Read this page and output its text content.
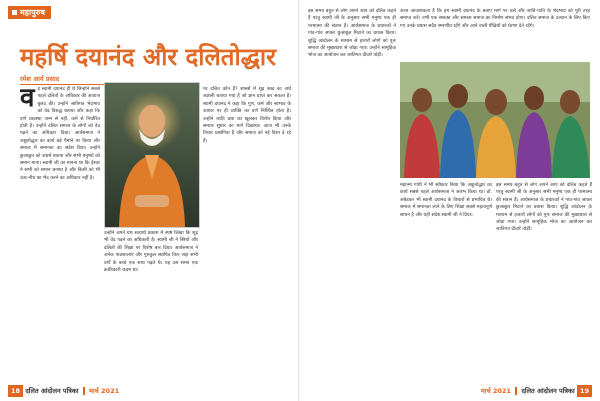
महापुरुष
महर्षि दयानंद और दलितोद्धार
रमेश आर्य प्रसाद

वह स्वामी दयानंद ही थे जिन्होंने सबसे पहले दलितों के अधिकार की आवाज बुलंद की। उन्होंने जातिगत भेदभाव को वेद विरुद्ध बताया और कहा कि वर्ण व्यवस्था जन्म से नहीं, कर्म से निर्धारित होती है। उन्होंने दलित समाज के लोगों को वेद पढ़ने का अधिकार दिया। आर्यसमाज ने अछूतोद्धार का कार्य बड़े पैमाने पर किया और समाज में समानता का संदेश दिया। उन्होंने छुआछूत को अधर्म बताया और सभी मनुष्यों को समान माना। स्वामी जी का मानना था कि ईश्वर ने सभी को समान बनाया है और किसी को भी ऊंच-नीच का भेद करने का अधिकार नहीं है।

उन्होंने अपने ग्रंथ सत्यार्थ प्रकाश में स्पष्ट लिखा कि शूद्र भी वेद पढ़ने का अधिकारी है। स्वामी जी ने स्त्रियों और दलितों की शिक्षा पर विशेष बल दिया। आर्यसमाज ने अनेक पाठशालाएं और गुरुकुल स्थापित किए जहां सभी वर्गों के बच्चे एक साथ पढ़ते थे। यह उस समय एक क्रांतिकारी कदम था।

पर दलित कौन हैं? शास्त्रों में शूद्र शब्द का अर्थ अज्ञानी बताया गया है जो ज्ञान प्राप्त कर सकता है। स्वामी दयानंद ने कहा कि गुण, कर्म और स्वभाव के आधार पर ही व्यक्ति का वर्ण निश्चित होता है। उन्होंने जाति प्रथा का खुलकर विरोध किया और समाज सुधार का मार्ग दिखाया। आज भी उनके विचार प्रासंगिक हैं और समाज को नई दिशा दे रहे हैं।

18 दलित आंदोलन पत्रिका मार्च 2021

इस समय बहुत से लोग अपने आप को दलित कहते हैं परंतु स्वामी जी के अनुसार सभी मनुष्य एक ही परमात्मा की संतान हैं। आर्यसमाज के प्रचारकों ने गांव-गांव जाकर छुआछूत मिटाने का प्रयास किया। शुद्धि आंदोलन के माध्यम से हजारों लोगों को पुनः समाज की मुख्यधारा से जोड़ा गया। उन्होंने सामूहिक भोज का आयोजन कर जातिगत दीवारें तोड़ीं।

महात्मा गांधी ने भी स्वीकार किया कि अछूतोद्धार का कार्य सबसे पहले आर्यसमाज ने आरंभ किया था। डॉ. अंबेडकर भी स्वामी दयानंद के विचारों से प्रभावित थे। समाज में समानता लाने के लिए शिक्षा सबसे महत्वपूर्ण साधन है और यही संदेश स्वामी जी ने दिया।

आज आवश्यकता है कि हम स्वामी दयानंद के बताए मार्ग पर चलें और जाति-पाति के भेदभाव को पूरी तरह समाप्त करें। तभी एक सशक्त और समरस समाज का निर्माण संभव होगा। दलित समाज के उत्थान के लिए किए गए उनके प्रयास सदैव स्मरणीय रहेंगे और आने वाली पीढ़ियों को प्रेरणा देते रहेंगे।

इस समय बहुत से लोग अपने आप को दलित कहते हैं परंतु स्वामी जी के अनुसार सभी मनुष्य एक ही परमात्मा की संतान हैं। आर्यसमाज के प्रचारकों ने गांव-गांव जाकर छुआछूत मिटाने का प्रयास किया। शुद्धि आंदोलन के माध्यम से हजारों लोगों को पुनः समाज की मुख्यधारा से जोड़ा गया। उन्होंने सामूहिक भोज का आयोजन कर जातिगत दीवारें तोड़ीं।

मार्च 2021 दलित आंदोलन पत्रिका 19
